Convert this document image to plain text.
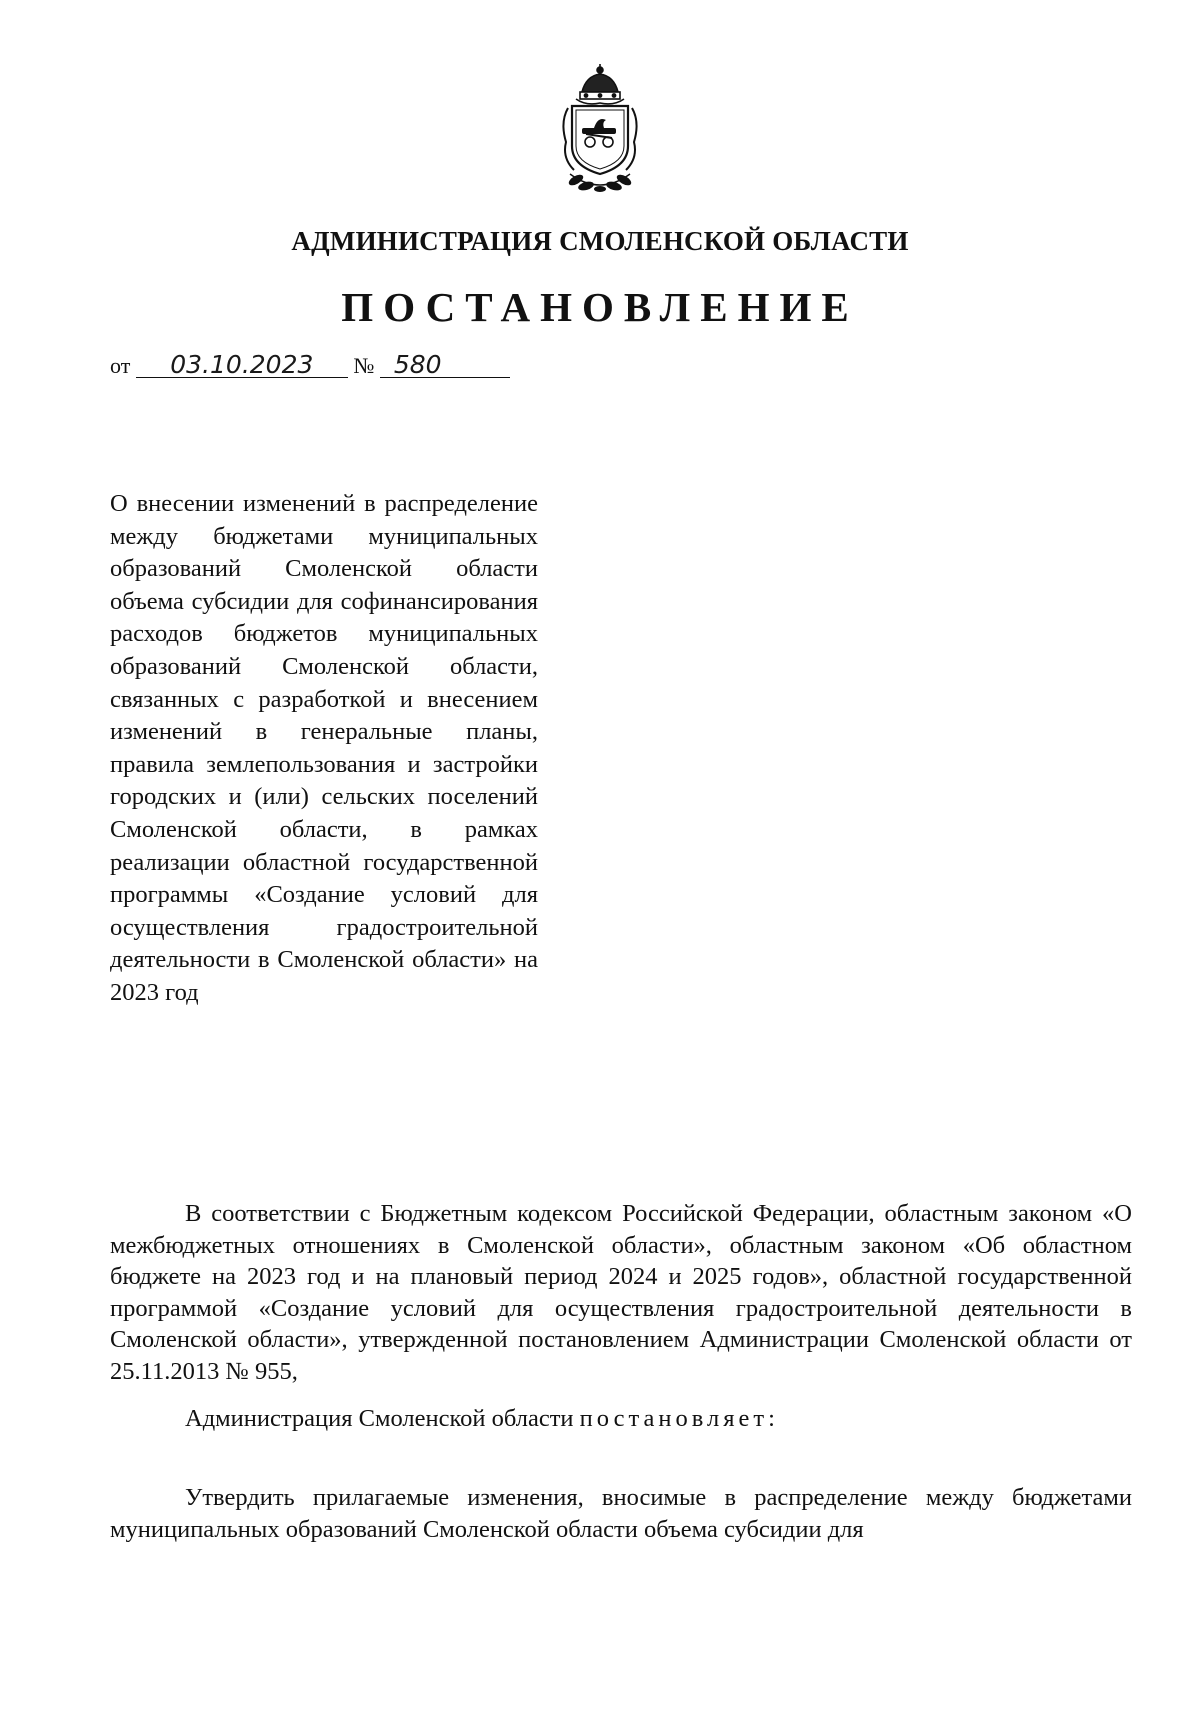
АДМИНИСТРАЦИЯ СМОЛЕНСКОЙ ОБЛАСТИ
ПОСТАНОВЛЕНИЕ
от 03.10.2023 № 580
О внесении изменений в распределение между бюджетами муниципальных образований Смоленской области объема субсидии для софинансирования расходов бюджетов муниципальных образований Смоленской области, связанных с разработкой и внесением изменений в генеральные планы, правила землепользования и застройки городских и (или) сельских поселений Смоленской области, в рамках реализации областной государственной программы «Создание условий для осуществления градостроительной деятельности в Смоленской области» на 2023 год
В соответствии с Бюджетным кодексом Российской Федерации, областным законом «О межбюджетных отношениях в Смоленской области», областным законом «Об областном бюджете на 2023 год и на плановый период 2024 и 2025 годов», областной государственной программой «Создание условий для осуществления градостроительной деятельности в Смоленской области», утвержденной постановлением Администрации Смоленской области от 25.11.2013 № 955,
Администрация Смоленской области постановляет:
Утвердить прилагаемые изменения, вносимые в распределение между бюджетами муниципальных образований Смоленской области объема субсидии для
